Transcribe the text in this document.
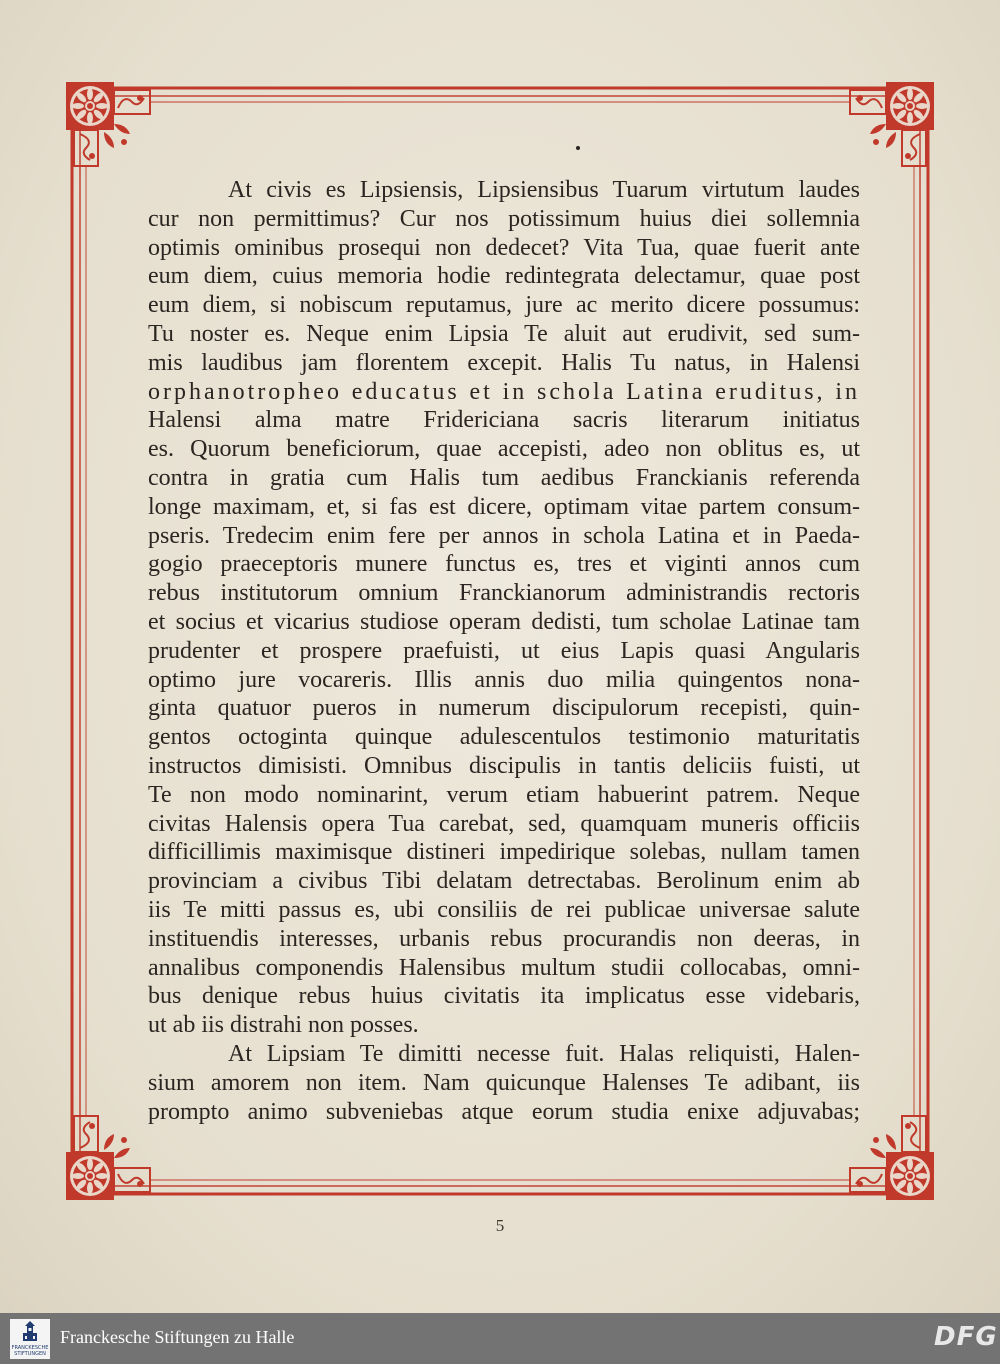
At civis es Lipsiensis, Lipsiensibus Tuarum virtutum laudes
cur non permittimus? Cur nos potissimum huius diei sollemnia
optimis ominibus prosequi non dedecet? Vita Tua, quae fuerit ante
eum diem, cuius memoria hodie redintegrata delectamur, quae post
eum diem, si nobiscum reputamus, jure ac merito dicere possumus:
Tu noster es. Neque enim Lipsia Te aluit aut erudivit, sed sum-
mis laudibus jam florentem excepit. Halis Tu natus, in Halensi
orphanotropheo educatus et in schola Latina eruditus, in
Halensi alma matre Fridericiana sacris literarum initiatus
es. Quorum beneficiorum, quae accepisti, adeo non oblitus es, ut
contra in gratia cum Halis tum aedibus Franckianis referenda
longe maximam, et, si fas est dicere, optimam vitae partem consum-
pseris. Tredecim enim fere per annos in schola Latina et in Paeda-
gogio praeceptoris munere functus es, tres et viginti annos cum
rebus institutorum omnium Franckianorum administrandis rectoris
et socius et vicarius studiose operam dedisti, tum scholae Latinae tam
prudenter et prospere praefuisti, ut eius Lapis quasi Angularis
optimo jure vocareris. Illis annis duo milia quingentos nona-
ginta quatuor pueros in numerum discipulorum recepisti, quin-
gentos octoginta quinque adulescentulos testimonio maturitatis
instructos dimisisti. Omnibus discipulis in tantis deliciis fuisti, ut
Te non modo nominarint, verum etiam habuerint patrem. Neque
civitas Halensis opera Tua carebat, sed, quamquam muneris officiis
difficillimis maximisque distineri impedirique solebas, nullam tamen
provinciam a civibus Tibi delatam detrectabas. Berolinum enim ab
iis Te mitti passus es, ubi consiliis de rei publicae universae salute
instituendis interesses, urbanis rebus procurandis non deeras, in
annalibus componendis Halensibus multum studii collocabas, omni-
bus denique rebus huius civitatis ita implicatus esse videbaris,
ut ab iis distrahi non posses.
At Lipsiam Te dimitti necesse fuit. Halas reliquisti, Halen-
sium amorem non item. Nam quicunque Halenses Te adibant, iis
prompto animo subveniebas atque eorum studia enixe adjuvabas;
5
FRANCKESCHE
STIFTUNGEN
Franckesche Stiftungen zu Halle	DFG
